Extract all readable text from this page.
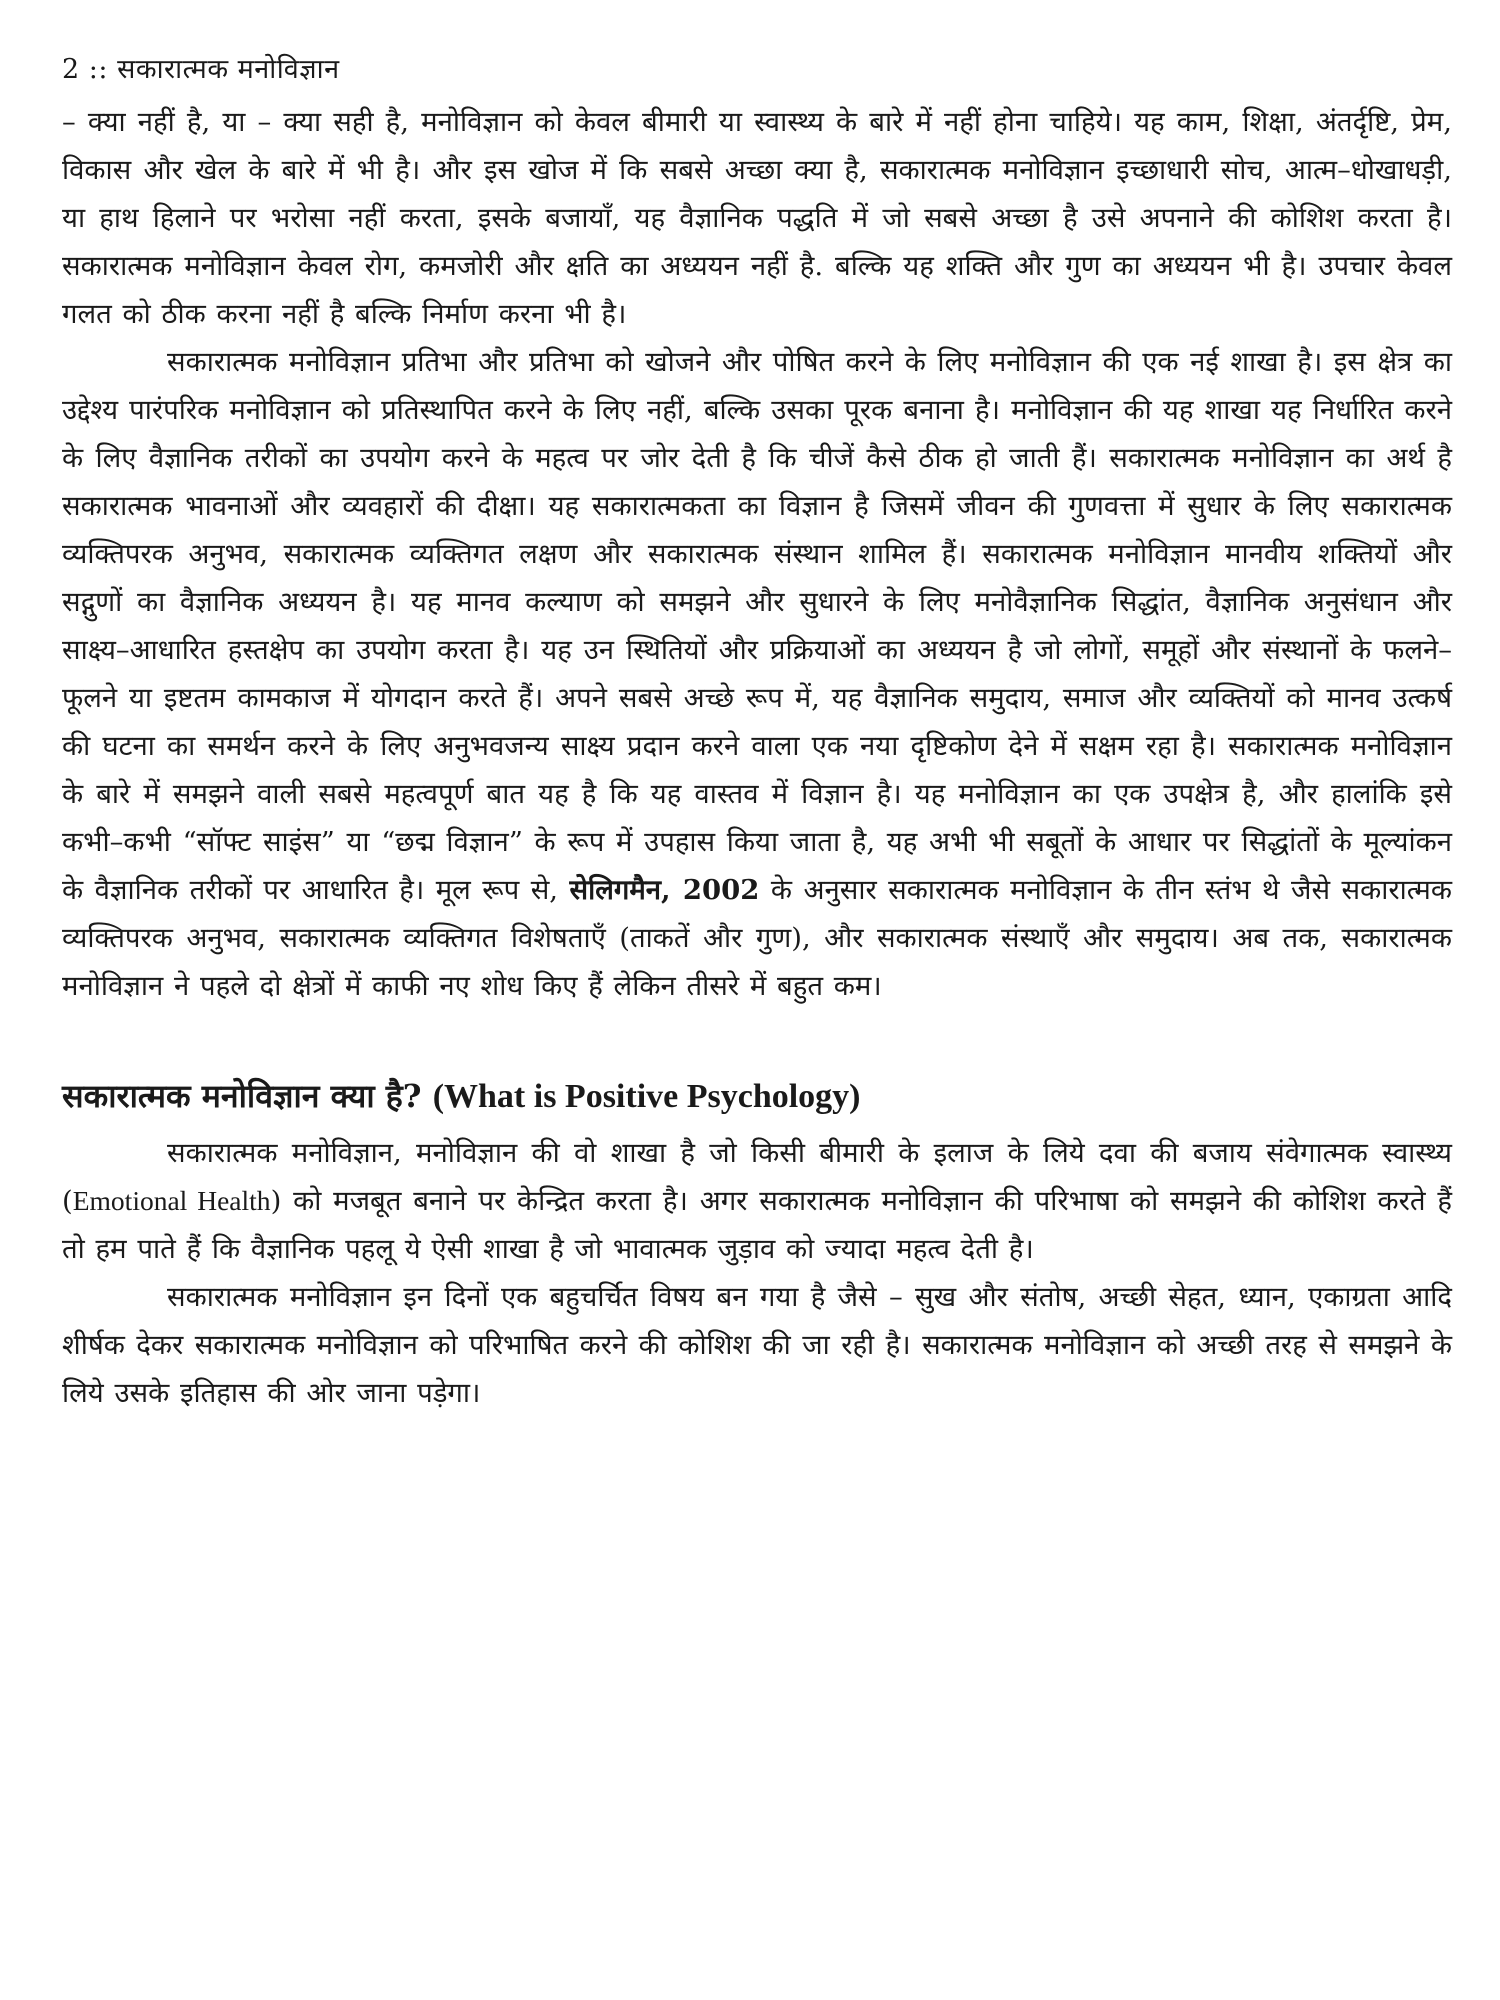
2 :: सकारात्मक मनोविज्ञान

– क्या नहीं है, या – क्या सही है, मनोविज्ञान को केवल बीमारी या स्वास्थ्य के बारे में नहीं होना चाहिये। यह काम, शिक्षा, अंतर्दृष्टि, प्रेम, विकास और खेल के बारे में भी है। और इस खोज में कि सबसे अच्छा क्या है, सकारात्मक मनोविज्ञान इच्छाधारी सोच, आत्म–धोखाधड़ी, या हाथ हिलाने पर भरोसा नहीं करता, इसके बजायाँ, यह वैज्ञानिक पद्धति में जो सबसे अच्छा है उसे अपनाने की कोशिश करता है। सकारात्मक मनोविज्ञान केवल रोग, कमजोरी और क्षति का अध्ययन नहीं है. बल्कि यह शक्ति और गुण का अध्ययन भी है। उपचार केवल गलत को ठीक करना नहीं है बल्कि निर्माण करना भी है।

सकारात्मक मनोविज्ञान प्रतिभा और प्रतिभा को खोजने और पोषित करने के लिए मनोविज्ञान की एक नई शाखा है। इस क्षेत्र का उद्देश्य पारंपरिक मनोविज्ञान को प्रतिस्थापित करने के लिए नहीं, बल्कि उसका पूरक बनाना है। मनोविज्ञान की यह शाखा यह निर्धारित करने के लिए वैज्ञानिक तरीकों का उपयोग करने के महत्व पर जोर देती है कि चीजें कैसे ठीक हो जाती हैं। सकारात्मक मनोविज्ञान का अर्थ है सकारात्मक भावनाओं और व्यवहारों की दीक्षा। यह सकारात्मकता का विज्ञान है जिसमें जीवन की गुणवत्ता में सुधार के लिए सकारात्मक व्यक्तिपरक अनुभव, सकारात्मक व्यक्तिगत लक्षण और सकारात्मक संस्थान शामिल हैं। सकारात्मक मनोविज्ञान मानवीय शक्तियों और सद्गुणों का वैज्ञानिक अध्ययन है। यह मानव कल्याण को समझने और सुधारने के लिए मनोवैज्ञानिक सिद्धांत, वैज्ञानिक अनुसंधान और साक्ष्य–आधारित हस्तक्षेप का उपयोग करता है। यह उन स्थितियों और प्रक्रियाओं का अध्ययन है जो लोगों, समूहों और संस्थानों के फलने–फूलने या इष्टतम कामकाज में योगदान करते हैं। अपने सबसे अच्छे रूप में, यह वैज्ञानिक समुदाय, समाज और व्यक्तियों को मानव उत्कर्ष की घटना का समर्थन करने के लिए अनुभवजन्य साक्ष्य प्रदान करने वाला एक नया दृष्टिकोण देने में सक्षम रहा है। सकारात्मक मनोविज्ञान के बारे में समझने वाली सबसे महत्वपूर्ण बात यह है कि यह वास्तव में विज्ञान है। यह मनोविज्ञान का एक उपक्षेत्र है, और हालांकि इसे कभी–कभी “सॉफ्ट साइंस” या “छद्म विज्ञान” के रूप में उपहास किया जाता है, यह अभी भी सबूतों के आधार पर सिद्धांतों के मूल्यांकन के वैज्ञानिक तरीकों पर आधारित है। मूल रूप से, सेलिगमैन, 2002 के अनुसार सकारात्मक मनोविज्ञान के तीन स्तंभ थे जैसे सकारात्मक व्यक्तिपरक अनुभव, सकारात्मक व्यक्तिगत विशेषताएँ (ताकतें और गुण), और सकारात्मक संस्थाएँ और समुदाय। अब तक, सकारात्मक मनोविज्ञान ने पहले दो क्षेत्रों में काफी नए शोध किए हैं लेकिन तीसरे में बहुत कम।

सकारात्मक मनोविज्ञान क्या है? (What is Positive Psychology)

सकारात्मक मनोविज्ञान, मनोविज्ञान की वो शाखा है जो किसी बीमारी के इलाज के लिये दवा की बजाय संवेगात्मक स्वास्थ्य (Emotional Health) को मजबूत बनाने पर केन्द्रित करता है। अगर सकारात्मक मनोविज्ञान की परिभाषा को समझने की कोशिश करते हैं तो हम पाते हैं कि वैज्ञानिक पहलू ये ऐसी शाखा है जो भावात्मक जुड़ाव को ज्यादा महत्व देती है।

सकारात्मक मनोविज्ञान इन दिनों एक बहुचर्चित विषय बन गया है जैसे – सुख और संतोष, अच्छी सेहत, ध्यान, एकाग्रता आदि शीर्षक देकर सकारात्मक मनोविज्ञान को परिभाषित करने की कोशिश की जा रही है। सकारात्मक मनोविज्ञान को अच्छी तरह से समझने के लिये उसके इतिहास की ओर जाना पड़ेगा।
